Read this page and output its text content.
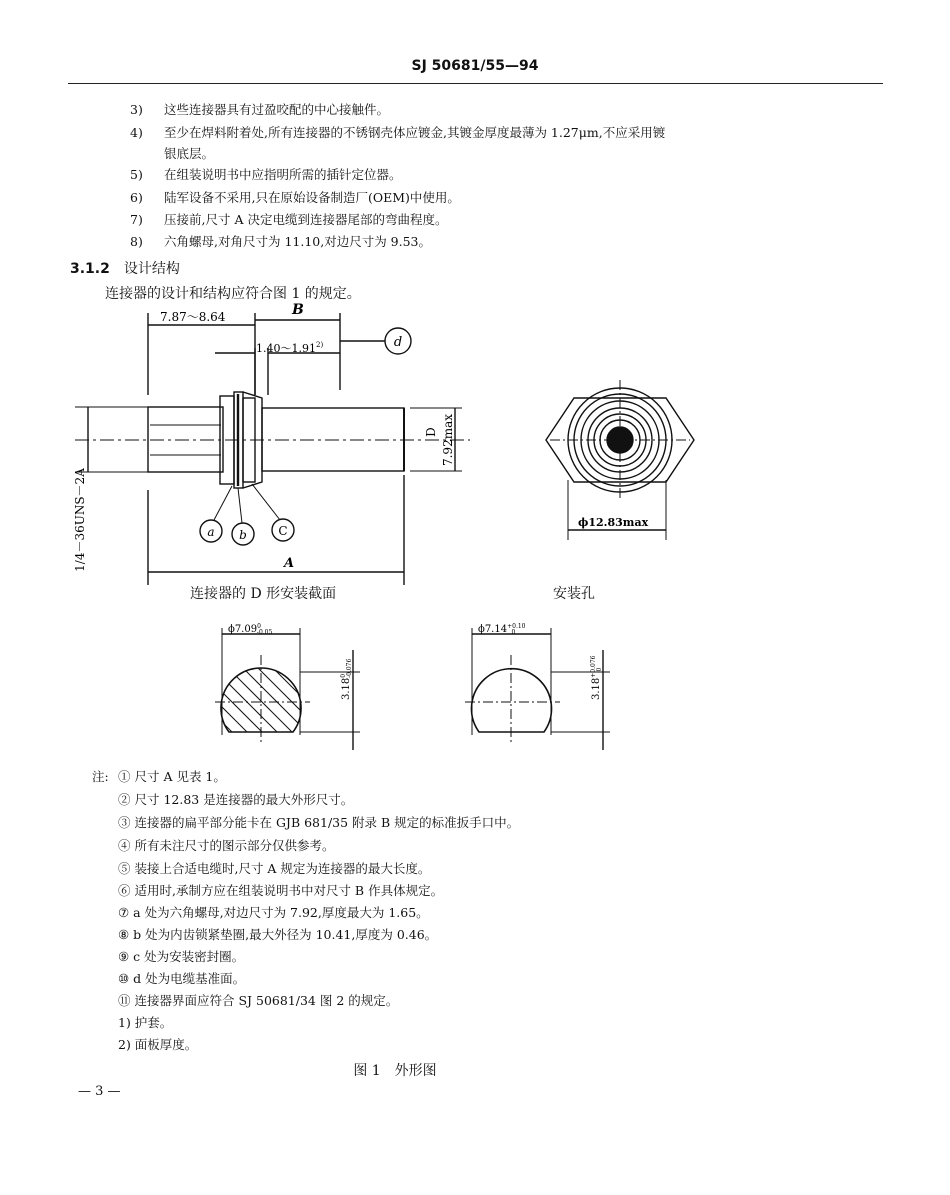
SJ 50681/55—94
3) 这些连接器具有过盈咬配的中心接触件。
4) 至少在焊料附着处,所有连接器的不锈钢壳体应镀金,其镀金厚度最薄为 1.27μm,不应采用镀
银底层。
5) 在组装说明书中应指明所需的插针定位器。
6) 陆军设备不采用,只在原始设备制造厂(OEM)中使用。
7) 压接前,尺寸 A 决定电缆到连接器尾部的弯曲程度。
8) 六角螺母,对角尺寸为 11.10,对边尺寸为 9.53。
3.1.2 设计结构
连接器的设计和结构应符合图 1 的规定。
7.87～8.64	B
1.40～1.91$^{2)}$	d
D 7.92max
1/4－36UNS－2A	a b	C
A
ϕ12.83max
ϕ7.09$^0$ -0.05
3.18$^0$-0.076
$\phi 7.14^{+0.10}$ 0
$3.18^{+0.076}0$
连接器的 D 形安装截面	安装孔
注: ① 尺寸 A 见表 1。
② 尺寸 12.83 是连接器的最大外形尺寸。
③ 连接器的扁平部分能卡在 GJB 681/35 附录 B 规定的标准扳手口中。
④ 所有未注尺寸的图示部分仅供参考。
⑤ 装接上合适电缆时,尺寸 A 规定为连接器的最大长度。
⑥ 适用时,承制方应在组装说明书中对尺寸 B 作具体规定。
⑦ a 处为六角螺母,对边尺寸为 7.92,厚度最大为 1.65。
⑧ b 处为内齿锁紧垫圈,最大外径为 10.41,厚度为 0.46。
⑨ c 处为安装密封圈。
⑩ d 处为电缆基准面。
⑪ 连接器界面应符合 SJ 50681/34 图 2 的规定。
1) 护套。
2) 面板厚度。
图 1　外形图
— 3 —
